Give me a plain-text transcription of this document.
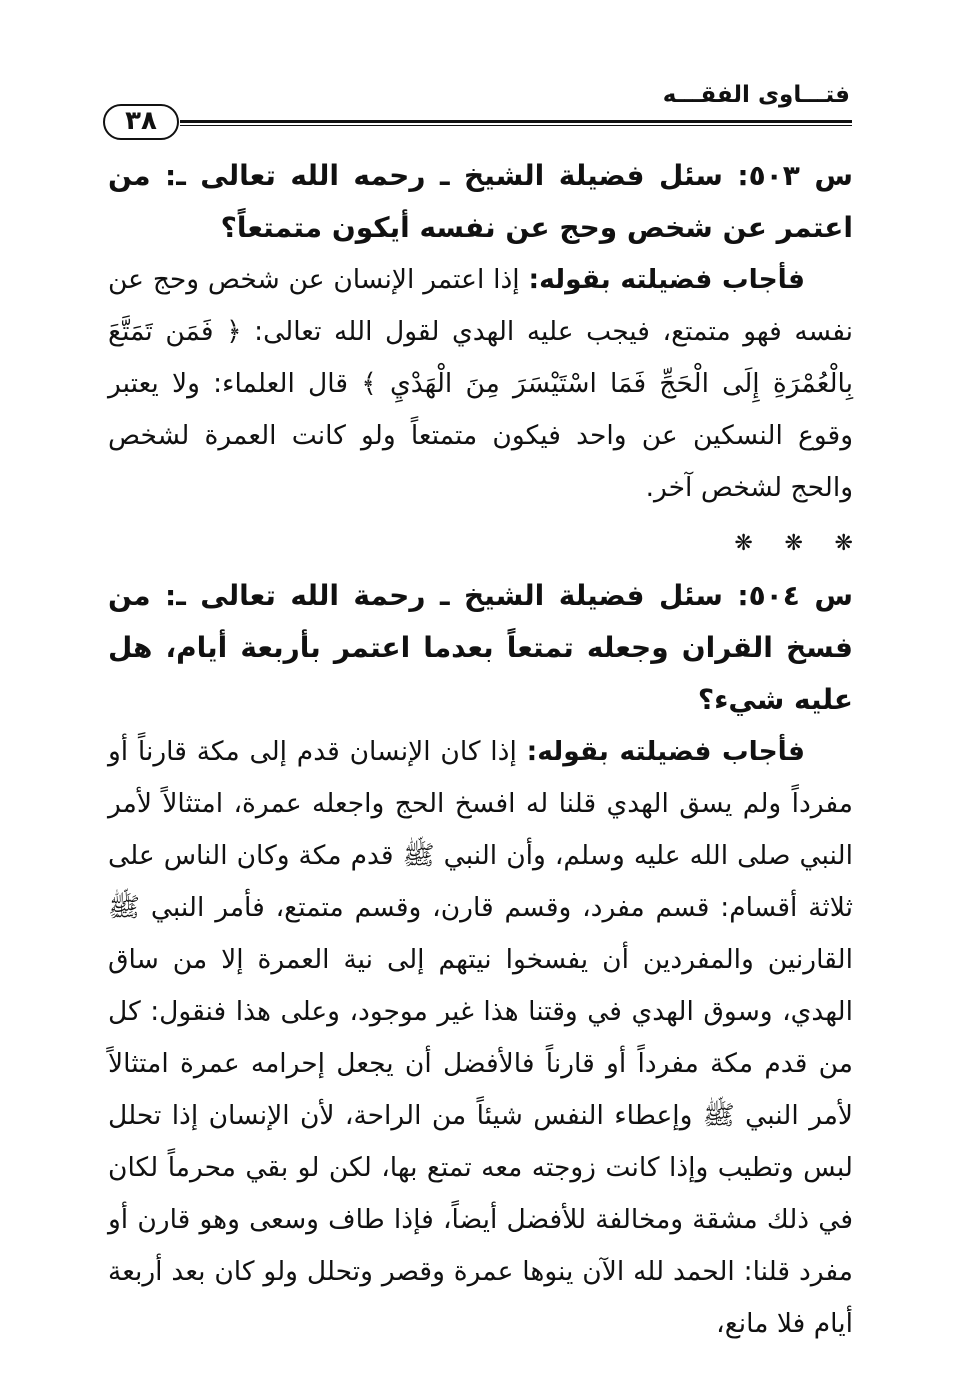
فتـــاوى الفقـــه
٣٨

س ٥٠٣: سئل فضيلة الشيخ ـ رحمه الله تعالى ـ: من اعتمر عن شخص وحج عن نفسه أيكون متمتعاً؟

فأجاب فضيلته بقوله: إذا اعتمر الإنسان عن شخص وحج عن نفسه فهو متمتع، فيجب عليه الهدي لقول الله تعالى: ﴿ فَمَن تَمَتَّعَ بِالْعُمْرَةِ إِلَى الْحَجِّ فَمَا اسْتَيْسَرَ مِنَ الْهَدْيِ ﴾ قال العلماء: ولا يعتبر وقوع النسكين عن واحد فيكون متمتعاً ولو كانت العمرة لشخص والحج لشخص آخر.

❋ ❋ ❋

س ٥٠٤: سئل فضيلة الشيخ ـ رحمة الله تعالى ـ: من فسخ القران وجعله تمتعاً بعدما اعتمر بأربعة أيام، هل عليه شيء؟

فأجاب فضيلته بقوله: إذا كان الإنسان قدم إلى مكة قارناً أو مفرداً ولم يسق الهدي قلنا له افسخ الحج واجعله عمرة، امتثالاً لأمر النبي صلى الله عليه وسلم، وأن النبي ﷺ قدم مكة وكان الناس على ثلاثة أقسام: قسم مفرد، وقسم قارن، وقسم متمتع، فأمر النبي ﷺ القارنين والمفردين أن يفسخوا نيتهم إلى نية العمرة إلا من ساق الهدي، وسوق الهدي في وقتنا هذا غير موجود، وعلى هذا فنقول: كل من قدم مكة مفرداً أو قارناً فالأفضل أن يجعل إحرامه عمرة امتثالاً لأمر النبي ﷺ وإعطاء النفس شيئاً من الراحة، لأن الإنسان إذا تحلل لبس وتطيب وإذا كانت زوجته معه تمتع بها، لكن لو بقي محرماً لكان في ذلك مشقة ومخالفة للأفضل أيضاً، فإذا طاف وسعى وهو قارن أو مفرد قلنا: الحمد لله الآن ينوها عمرة وقصر وتحلل ولو كان بعد أربعة أيام فلا مانع،
